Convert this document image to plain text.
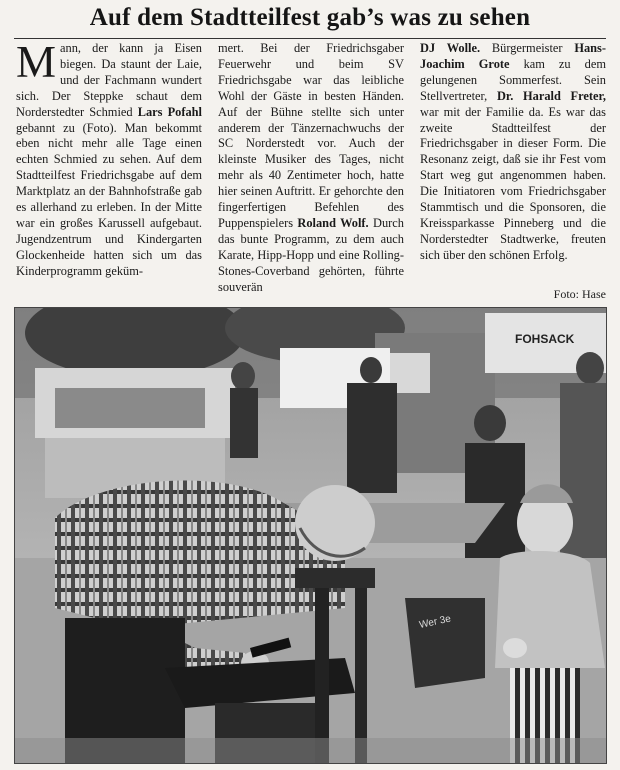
Auf dem Stadtteilfest gab’s was zu sehen

Mann, der kann ja Eisen biegen. Da staunt der Laie, und der Fachmann wundert sich. Der Steppke schaut dem Norderstedter Schmied Lars Pofahl gebannt zu (Foto). Man bekommt eben nicht mehr alle Tage einen echten Schmied zu sehen. Auf dem Stadtteilfest Friedrichsgabe auf dem Marktplatz an der Bahnhofstraße gab es allerhand zu erleben. In der Mitte war ein großes Karussell aufgebaut. Jugendzentrum und Kindergarten Glockenheide hatten sich um das Kinderprogramm geküm-

mert. Bei der Friedrichsgaber Feuerwehr und beim SV Friedrichsgabe war das leibliche Wohl der Gäste in besten Händen. Auf der Bühne stellte sich unter anderem der Tänzernachwuchs der SC Norderstedt vor. Auch der kleinste Musiker des Tages, nicht mehr als 40 Zentimeter hoch, hatte hier seinen Auftritt. Er gehorchte den fingerfertigen Befehlen des Puppenspielers Roland Wolf. Durch das bunte Programm, zu dem auch Karate, Hipp-Hopp und eine Rolling-Stones-Coverband gehörten, führte souverän

DJ Wolle. Bürgermeister Hans-Joachim Grote kam zu dem gelungenen Sommerfest. Sein Stellvertreter, Dr. Harald Freter, war mit der Familie da. Es war das zweite Stadtteilfest der Friedrichsgaber in dieser Form. Die Resonanz zeigt, daß sie ihr Fest vom Start weg gut angenommen haben. Die Initiatoren vom Friedrichsgaber Stammtisch und die Sponsoren, die Kreissparkasse Pinneberg und die Norderstedter Stadtwerke, freuten sich über den schönen Erfolg.

Foto: Hase
FOHSACK
Wer 3e
